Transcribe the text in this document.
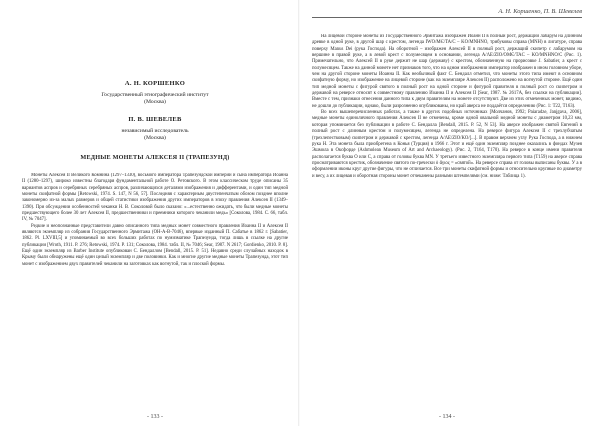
А. Н. КОРШЕНКО
Государственный этнографический институт
(Москва)
П. В. ШЕВЕЛЕВ
независимый исследователь
(Москва)
МЕДНЫЕ МОНЕТЫ АЛЕКСЕЯ II (ТРАПЕЗУНД)

Монеты Алексея II Великого Комнина (1297–1330), восьмого императора Трапезундской империи и сына императора Иоанна II (1280–1297), широко известны благодаря фундаментальной работе О. Ретовского. В этом классическом труде описаны 35 вариантов аспров и серебряных серебряных аспров, различающихся деталями изображения и дифферентами, и один тип медной монеты скифатной формы [Retowski, 1974. S. 147, N 56, 57]. Последняя с характерным двустепенчатым обозом позднее вполне закономерно из-за малых размеров и общей статистики изображения других императоров в эпоху правления Алексея II (1349–1390). При обсуждении особенностей чеканки Н. В. Соколовой было сказано: «...естественно ожидать, что были медные монеты предшествующего более 30 лет Алексея II, предшественники и преемники которого чеканили медь» [Соколова, 1984. С. 66, табл. IV, № 7047].

Редкие и неопознанные представители давно описанного типа медных монет совместного правления Иоанна II и Алексея II являются экземпляр из собрания Государственного Эрмитажа (ОН-А-В-7046), впервые изданный П. Сабатье в 1862 г. [Sabatier, 1862. Pl. LXVIII,5] и упоминаемый во всех больших работах по нумизматике Трапезунда, тогда лишь в ссылке на другие публикации [Wroth, 1911. P. 276; Retowski, 1974. P. 131; Соколова, 1984. табл. II, № 7046; Sear, 1987. N 2617; Gordienko, 2010. P. 8]. Ещё один экземпляр из Barber Institute опубликован С. Бендаллом [Bendall, 2015. P. 51]. Недавно среди случайных находок в Крыму были обнаружены ещё один целый экземпляр и две половинки. Как и многие другие медные монеты Трапезунда, этот тип монет с изображением двух правителей чеканили на заготовках как вогнутой, так и плоской формы.

- 133 -
А. Н. Коршенко, П. В. Шевелев

На лицевой стороне монеты из Государственного Эрмитажа изображен Иоанн II в полный рост, держащий лабарум на длинном древке в одной руке, в другой шар с крестом, легенда IWO/MЄ/TA/C – KO/MNHNO, трибуковы справа (MNH) в лигатуре, справа поверху Manus Dei (рука Господа). На оборотной – изображен Алексей II в полный рост, держащий скипетр с лабарумом на вершине в правой руке, а в левой крест с полумесяцем в основании, легенда A/ΛE/ZIO/OMЄ/TAC – KO/MNHNO/C (Рис. 1). Примечательно, что Алексей II в руке держит не шар (державу) с крестом, обозначенную на прорисовке J. Sabatier, а крест с полумесяцем. Также на данной монете нет признаков того, что на одном изображении император изображен в ином головном уборе, чем на другой стороне монеты Иоанна II. Как необычный факт С. Бендалл отметил, что монеты этого типа имеют в основном скифатную форму, но изображение на лицевой стороне (как на экземпляре Алексея II) расположено на вогнутой стороне. Ещё один тип медной монеты с фигурой святого в полный рост на одной стороне и фигурой правителя в полный рост со скипетром и державой на реверсе относят к совместному правлению Иоанна II и Алексея II [Sear, 1987. № 2617А, без ссылки на публикации]. Вместе с тем, признаки отнесения данного типа к двум правителям на монете отсутствуют. Две из этих отмеченных монет, видимо, не дошли до публикации, однако, были разрозненно опубликованы, но край аверса не поддаётся определению (Рис. 1: T22, T163).

Во всех вышеперечисленных работах, а также в других подобных источниках [Молчанов, 1992; Paiaradze, Janjgava, 2006], медные монеты единоличного правления Алексея II не отмечены, кроме одной овальной медной монеты с диаметром 10,23 мм, которая упоминается без публикации в работе С. Бендалла [Bendall, 2015. P. 52, N 53]. На аверсе изображен святой Евгений в полный рост с длинным крестом и полумесяцем, легенда не определена. На реверсе фигура Алексея II с трехлубчатым (трехлепестковым) скипетром и державой с крестом, легенда A/ΛE/ZIO/KO/[...]. В правом верхнем углу Рука Господа, а в нижнем рука Н. Эта монета была приобретена в Конья (Турция) в 1966 г. Этот и ещё один экземпляр позднее оказались в фондах Музея Эшмола в Оксфорде (Ashmolean Museum of Art and Archaeology). (Рис. 2, T164, T170). На реверсе в конце имени правителя располагается буква O или C, а справа от головы буква MN. У третьего известного экземпляра первого типа (T159) на аверсе справа просматриваются крестик, обозначение святого по-гречески ὁ ἅγιος = «святой». На реверсе справа от головы выписаны буквы. У а в оформлении иконы круг другие фигуры, что не отличается. Все три монеты скифатной формы и относительно крупные по диаметру и весу, а их лицевая и оборотная стороны монет отчеканены разными штемпелями (см. ниже: Таблица 1).

- 134 -
